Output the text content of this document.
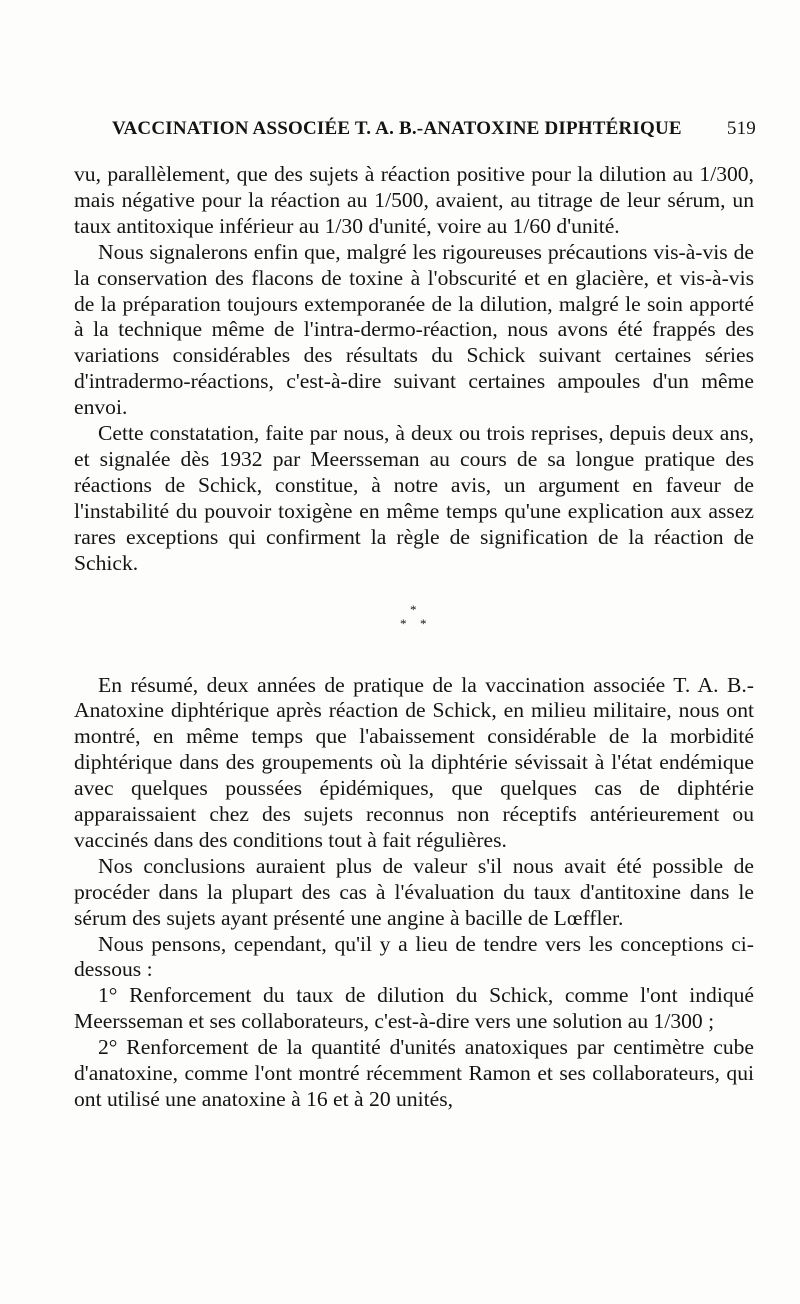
VACCINATION ASSOCIÉE T. A. B.-ANATOXINE DIPHTÉRIQUE 519

vu, parallèlement, que des sujets à réaction positive pour la dilution au 1/300, mais négative pour la réaction au 1/500, avaient, au titrage de leur sérum, un taux antitoxique inférieur au 1/30 d'unité, voire au 1/60 d'unité.

Nous signalerons enfin que, malgré les rigoureuses précautions vis-à-vis de la conservation des flacons de toxine à l'obscurité et en glacière, et vis-à-vis de la préparation toujours extemporanée de la dilution, malgré le soin apporté à la technique même de l'intra-dermo-réaction, nous avons été frappés des variations considérables des résultats du Schick suivant certaines séries d'intradermo-réactions, c'est-à-dire suivant certaines ampoules d'un même envoi.

Cette constatation, faite par nous, à deux ou trois reprises, depuis deux ans, et signalée dès 1932 par Meersseman au cours de sa longue pratique des réactions de Schick, constitue, à notre avis, un argument en faveur de l'instabilité du pouvoir toxigène en même temps qu'une explication aux assez rares exceptions qui confirment la règle de signification de la réaction de Schick.

*
* *

En résumé, deux années de pratique de la vaccination associée T. A. B.-Anatoxine diphtérique après réaction de Schick, en milieu militaire, nous ont montré, en même temps que l'abaissement considérable de la morbidité diphtérique dans des groupements où la diphtérie sévissait à l'état endémique avec quelques poussées épidémiques, que quelques cas de diphtérie apparaissaient chez des sujets reconnus non réceptifs antérieurement ou vaccinés dans des conditions tout à fait régulières.

Nos conclusions auraient plus de valeur s'il nous avait été possible de procéder dans la plupart des cas à l'évaluation du taux d'antitoxine dans le sérum des sujets ayant présenté une angine à bacille de Lœffler.

Nous pensons, cependant, qu'il y a lieu de tendre vers les conceptions ci-dessous :

1° Renforcement du taux de dilution du Schick, comme l'ont indiqué Meersseman et ses collaborateurs, c'est-à-dire vers une solution au 1/300 ;

2° Renforcement de la quantité d'unités anatoxiques par centimètre cube d'anatoxine, comme l'ont montré récemment Ramon et ses collaborateurs, qui ont utilisé une anatoxine à 16 et à 20 unités,
